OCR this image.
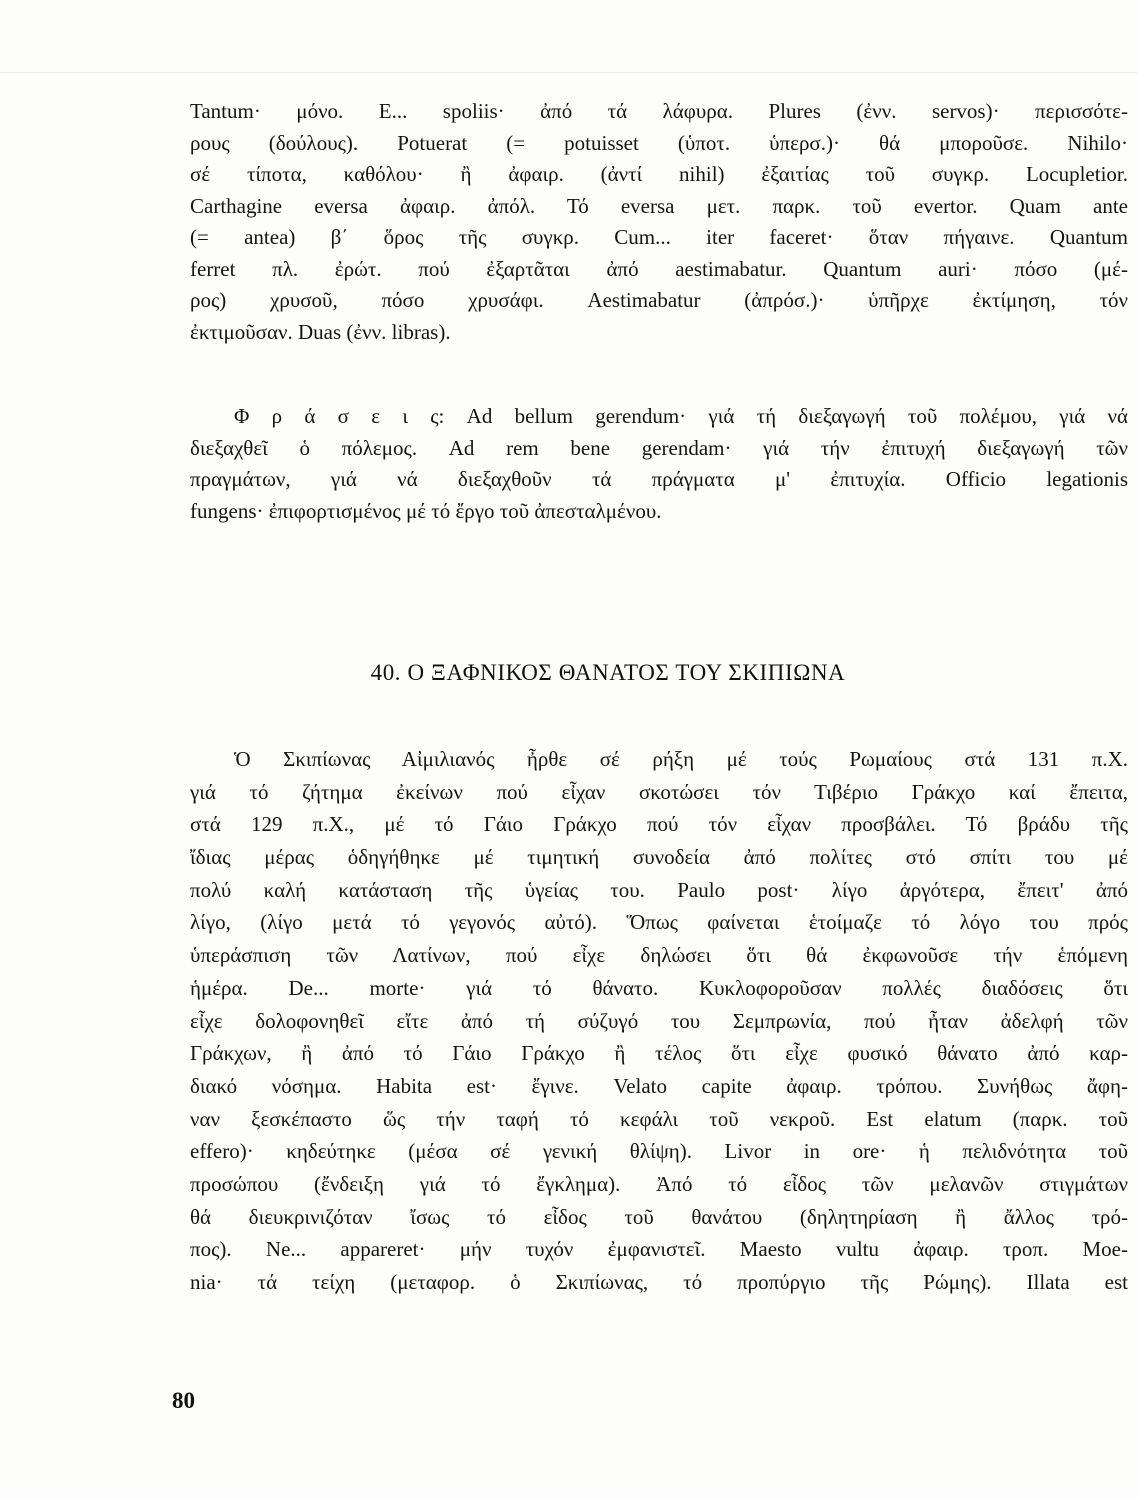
Tantum· μόνο. Ε... spoliis· ἀπό τά λάφυρα. Plures (ἐνν. servos)· περισσότε-
ρους (δούλους). Potuerat (= potuisset (ὑποτ. ὑπερσ.)· θά μποροῦσε. Nihilo·
σέ τίποτα, καθόλου· ἢ ἀφαιρ. (ἀντί nihil) ἐξαιτίας τοῦ συγκρ. Locupletior.
Carthagine eversa ἀφαιρ. ἀπόλ. Τό eversa μετ. παρκ. τοῦ evertor. Quam ante
(= antea) β΄ ὅρος τῆς συγκρ. Cum... iter faceret· ὅταν πήγαινε. Quantum
ferret πλ. ἐρώτ. πού ἐξαρτᾶται ἀπό aestimabatur. Quantum auri· πόσο (μέ-
ρος) χρυσοῦ, πόσο χρυσάφι. Aestimabatur (ἀπρόσ.)· ὑπῆρχε ἐκτίμηση, τόν
ἐκτιμοῦσαν. Duas (ἐνν. libras).
Φ ρ ά σ ε ι ς: Ad bellum gerendum· γιά τή διεξαγωγή τοῦ πολέμου, γιά νά
διεξαχθεῖ ὁ πόλεμος. Ad rem bene gerendam· γιά τήν ἐπιτυχή διεξαγωγή τῶν
πραγμάτων, γιά νά διεξαχθοῦν τά πράγματα μ' ἐπιτυχία. Officio legationis
fungens· ἐπιφορτισμένος μέ τό ἔργο τοῦ ἀπεσταλμένου.
40. Ο ΞΑΦΝΙΚΟΣ ΘΑΝΑΤΟΣ ΤΟΥ ΣΚΙΠΙΩΝΑ
Ὁ Σκιπίωνας Αἰμιλιανός ἦρθε σέ ρήξη μέ τούς Ρωμαίους στά 131 π.Χ.
γιά τό ζήτημα ἐκείνων πού εἶχαν σκοτώσει τόν Τιβέριο Γράκχο καί ἔπειτα,
στά 129 π.Χ., μέ τό Γάιο Γράκχο πού τόν εἶχαν προσβάλει. Τό βράδυ τῆς
ἴδιας μέρας ὁδηγήθηκε μέ τιμητική συνοδεία ἀπό πολίτες στό σπίτι του μέ
πολύ καλή κατάσταση τῆς ὑγείας του. Paulo post· λίγο ἀργότερα, ἔπειτ' ἀπό
λίγο, (λίγο μετά τό γεγονός αὐτό). Ὅπως φαίνεται ἑτοίμαζε τό λόγο του πρός
ὑπεράσπιση τῶν Λατίνων, πού εἶχε δηλώσει ὅτι θά ἐκφωνοῦσε τήν ἑπόμενη
ἡμέρα. De... morte· γιά τό θάνατο. Κυκλοφοροῦσαν πολλές διαδόσεις ὅτι
εἶχε δολοφονηθεῖ εἴτε ἀπό τή σύζυγό του Σεμπρωνία, πού ἦταν ἀδελφή τῶν
Γράκχων, ἢ ἀπό τό Γάιο Γράκχο ἢ τέλος ὅτι εἶχε φυσικό θάνατο ἀπό καρ-
διακό νόσημα. Habita est· ἔγινε. Velato capite ἀφαιρ. τρόπου. Συνήθως ἄφη-
ναν ξεσκέπαστο ὥς τήν ταφή τό κεφάλι τοῦ νεκροῦ. Est elatum (παρκ. τοῦ
effero)· κηδεύτηκε (μέσα σέ γενική θλίψη). Livor in ore· ἡ πελιδνότητα τοῦ
προσώπου (ἔνδειξη γιά τό ἔγκλημα). Ἀπό τό εἶδος τῶν μελανῶν στιγμάτων
θά διευκρινιζόταν ἴσως τό εἶδος τοῦ θανάτου (δηλητηρίαση ἢ ἄλλος τρό-
πος). Ne... appareret· μήν τυχόν ἐμφανιστεῖ. Maesto vultu ἀφαιρ. τροπ. Moe-
nia· τά τείχη (μεταφορ. ὁ Σκιπίωνας, τό προπύργιο τῆς Ρώμης). Illata est
80
